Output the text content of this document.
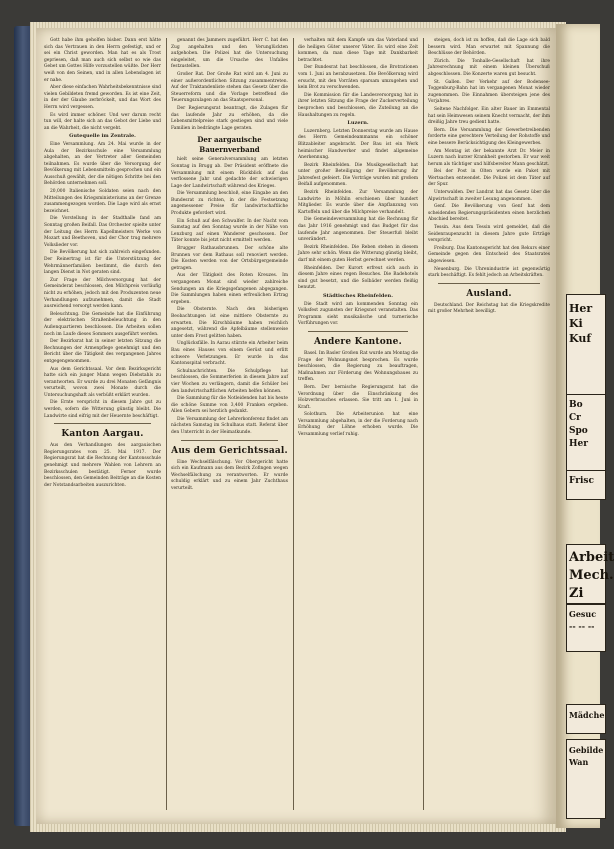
Gott habe ihm geholfen bisher. Dann erst hätte sich das Vertrauen in den Herrn gefestigt, und er sei ein Christ geworden. Man hat es als Trost gepriesen, daß man auch sich selbst so wie das Gebet um Gottes Hilfe vorzustellen wüßte. Der Herr weiß von den Seinen, und in allen Lebenslagen ist er nahe.

Aber diese einfachen Wahrheitsbekenntnisse sind vielen Gebildeten fremd geworden. Es ist eine Zeit, in der der Glaube zerbröckelt, und das Wort des Herrn wird vergessen.

Es wird immer schöner. Und wer darum recht tun will, der halte sich an das Gebot der Liebe und an die Wahrheit, die nicht vergeht.

Gutequelle im Zentrale.

Eine Versammlung. Am 24. Mai wurde in der Aula der Bezirksschule eine Versammlung abgehalten, an der Vertreter aller Gemeinden teilnahmen. Es wurde über die Versorgung der Bevölkerung mit Lebensmitteln gesprochen und ein Ausschuß gewählt, der die nötigen Schritte bei den Behörden unternehmen soll.

20,000 Italienische Soldaten seien nach den Mitteilungen des Kriegsministeriums an der Grenze zusammengezogen worden. Die Lage wird als ernst bezeichnet.

Die Vorstellung in der Stadthalle fand am Sonntag großen Beifall. Das Orchester spielte unter der Leitung des Herrn Kapellmeisters Werke von Mozart und Beethoven, und der Chor trug mehrere Volkslieder vor.

Die Bevölkerung hat sich zahlreich eingefunden. Der Reinertrag ist für die Unterstützung der Wehrmännerfamilien bestimmt, die durch den langen Dienst in Not geraten sind.

Zur Frage der Milchversorgung hat der Gemeinderat beschlossen, den Milchpreis vorläufig nicht zu erhöhen, jedoch mit den Produzenten neue Verhandlungen aufzunehmen, damit die Stadt ausreichend versorgt werden kann.

Beleuchtung. Die Gemeinde hat die Einführung der elektrischen Straßenbeleuchtung in den Außenquartieren beschlossen. Die Arbeiten sollen noch im Laufe dieses Sommers ausgeführt werden.

Der Bezirksrat hat in seiner letzten Sitzung die Rechnungen der Armenpflege genehmigt und den Bericht über die Tätigkeit des vergangenen Jahres entgegengenommen.

Aus dem Gerichtssaal. Vor dem Bezirksgericht hatte sich ein junger Mann wegen Diebstahls zu verantworten. Er wurde zu drei Monaten Gefängnis verurteilt, wovon zwei Monate durch die Untersuchungshaft als verbüßt erklärt wurden.

Die Ernte verspricht in diesem Jahre gut zu werden, sofern die Witterung günstig bleibt. Die Landwirte sind eifrig mit der Heuernte beschäftigt.

Kanton Aargau.

Aus den Verhandlungen des aargauischen Regierungsrates vom 25. Mai 1917. Der Regierungsrat hat die Rechnung der Kantonsschule genehmigt und mehrere Wahlen von Lehrern an Bezirksschulen bestätigt. Ferner wurde beschlossen, den Gemeinden Beiträge an die Kosten der Notstandsarbeiten auszurichten.

genannt des Jammers zugeführt. Herr C. hat den Zug angehalten und den Verunglückten aufgehoben. Die Polizei hat die Untersuchung eingeleitet, um die Ursache des Unfalles festzustellen.

Großer Rat. Der Große Rat wird am 4. Juni zu einer außerordentlichen Sitzung zusammentreten. Auf der Traktandenliste stehen das Gesetz über die Steuerreform und die Vorlage betreffend die Teuerungszulagen an das Staatspersonal.

Der Regierungsrat beantragt, die Zulagen für das laufende Jahr zu erhöhen, da die Lebensmittelpreise stark gestiegen sind und viele Familien in bedrängte Lage geraten.

Der aargauische Bauernverband

hielt seine Generalversammlung am letzten Sonntag in Brugg ab. Der Präsident eröffnete die Versammlung mit einem Rückblick auf das verflossene Jahr und gedachte der schwierigen Lage der Landwirtschaft während des Krieges.

Die Versammlung beschloß, eine Eingabe an den Bundesrat zu richten, in der die Festsetzung angemessener Preise für landwirtschaftliche Produkte gefordert wird.

Ein Schuß auf den Schwalfer. In der Nacht vom Samstag auf den Sonntag wurde in der Nähe von Lenzburg auf einen Wanderer geschossen. Der Täter konnte bis jetzt nicht ermittelt werden.

Brugger Rathausbrunnen. Der schöne alte Brunnen vor dem Rathaus soll renoviert werden. Die Kosten werden von der Ortsbürgergemeinde getragen.

Aus der Tätigkeit des Roten Kreuzes. Im vergangenen Monat sind wieder zahlreiche Sendungen an die Kriegsgefangenen abgegangen. Die Sammlungen haben einen erfreulichen Ertrag ergeben.

Die Obsternte. Nach den bisherigen Beobachtungen ist eine mittlere Obsternte zu erwarten. Die Kirschbäume haben reichlich angesetzt, während die Apfelbäume stellenweise unter dem Frost gelitten haben.

Unglücksfälle. In Aarau stürzte ein Arbeiter beim Bau eines Hauses von einem Gerüst und erlitt schwere Verletzungen. Er wurde in das Kantonsspital verbracht.

Schulnachrichten. Die Schulpflege hat beschlossen, die Sommerferien in diesem Jahre auf vier Wochen zu verlängern, damit die Schüler bei den landwirtschaftlichen Arbeiten helfen können.

Die Sammlung für die Notleidenden hat bis heute die schöne Summe von 3,400 Franken ergeben. Allen Gebern sei herzlich gedankt.

Die Versammlung der Lehrerkonferenz findet am nächsten Samstag im Schulhaus statt. Referat über den Unterricht in der Heimatkunde.

Aus dem Gerichtssaal.

Eine Wechselfälschung. Vor Obergericht hatte sich ein Kaufmann aus dem Bezirk Zofingen wegen Wechselfälschung zu verantworten. Er wurde schuldig erklärt und zu einem Jahr Zuchthaus verurteilt.

verhalten mit dem Kampfe um das Vaterland und die heiligen Güter unserer Väter. Es wird eine Zeit kommen, da man diese Tage mit Dankbarkeit betrachtet.

Der Bundesrat hat beschlossen, die Brotrationen vom 1. Juni an herabzusetzen. Die Bevölkerung wird ersucht, mit den Vorräten sparsam umzugehen und kein Brot zu verschwenden.

Die Kommission für die Landesversorgung hat in ihrer letzten Sitzung die Frage der Zuckerverteilung besprochen und beschlossen, die Zuteilung an die Haushaltungen zu regeln.

Luzern.

Luzernberg. Letzten Donnerstag wurde am Hause des Herrn Gemeindeammanns ein schöner Blitzableiter angebracht. Der Bau ist ein Werk heimischer Handwerker und findet allgemeine Anerkennung.

Bezirk Rheinfelden. Die Musikgesellschaft hat unter großer Beteiligung der Bevölkerung ihr Jahresfest gefeiert. Die Vorträge wurden mit großem Beifall aufgenommen.

Bezirk Rheinfelden. Zur Versammlung der Landwirte in Möhlin erschienen über hundert Mitglieder. Es wurde über die Anpflanzung von Kartoffeln und über die Milchpreise verhandelt.

Die Gemeindeversammlung hat die Rechnung für das Jahr 1916 genehmigt und das Budget für das laufende Jahr angenommen. Der Steuerfuß bleibt unverändert.

Bezirk Rheinfelden. Die Reben stehen in diesem Jahre sehr schön. Wenn die Witterung günstig bleibt, darf mit einem guten Herbst gerechnet werden.

Rheinfelden. Der Kurort erfreut sich auch in diesem Jahre eines regen Besuches. Die Badehotels sind gut besetzt, und die Solbäder werden fleißig benutzt.

Städtisches Rheinfelden.

Die Stadt wird am kommenden Sonntag ein Volksfest zugunsten der Kriegsnot veranstalten. Das Programm sieht musikalische und turnerische Vorführungen vor.

Andere Kantone.

Basel. Im Basler Großen Rat wurde am Montag die Frage der Wohnungsnot besprochen. Es wurde beschlossen, die Regierung zu beauftragen, Maßnahmen zur Förderung des Wohnungsbaues zu treffen.

Bern. Der bernische Regierungsrat hat die Verordnung über die Einschränkung des Holzverbrauches erlassen. Sie tritt am 1. Juni in Kraft.

Solothurn. Die Arbeiterunion hat eine Versammlung abgehalten, in der die Forderung nach Erhöhung der Löhne erhoben wurde. Die Versammlung verlief ruhig.

steigen, doch ist zu hoffen, daß die Lage sich bald bessern wird. Man erwartet mit Spannung die Beschlüsse der Behörden.

Zürich. Die Tonhalle-Gesellschaft hat ihre Jahresrechnung mit einem kleinen Überschuß abgeschlossen. Die Konzerte waren gut besucht.

St. Gallen. Der Verkehr auf der Bodensee-Toggenburg-Bahn hat im vergangenen Monat wieder zugenommen. Die Einnahmen übersteigen jene des Vorjahres.

Seltene Nachfolger. Ein alter Bauer im Emmental hat sein Heimwesen seinem Knecht vermacht, der ihm dreißig Jahre treu gedient hatte.

Bern. Die Versammlung der Gewerbetreibenden forderte eine gerechtere Verteilung der Rohstoffe und eine bessere Berücksichtigung des Kleingewerbes.

Am Montag ist der bekannte Arzt Dr. Meier in Luzern nach kurzer Krankheit gestorben. Er war weit herum als tüchtiger und hilfsbereiter Mann geschätzt.

Bei der Post in Olten wurde ein Paket mit Wertsachen entwendet. Die Polizei ist dem Täter auf der Spur.

Unterwalden. Der Landrat hat das Gesetz über die Alpwirtschaft in zweiter Lesung angenommen.

Genf. Die Bevölkerung von Genf hat dem scheidenden Regierungspräsidenten einen herzlichen Abschied bereitet.

Tessin. Aus dem Tessin wird gemeldet, daß die Seidenraupenzucht in diesem Jahre gute Erträge verspricht.

Freiburg. Das Kantonsgericht hat den Rekurs einer Gemeinde gegen den Entscheid des Staatsrates abgewiesen.

Neuenburg. Die Uhrenindustrie ist gegenwärtig stark beschäftigt. Es fehlt jedoch an Arbeitskräften.

Ausland.

Deutschland. Der Reichstag hat die Kriegskredite mit großer Mehrheit bewilligt.	Her
Ki
Kuf
Bo
Cr
Spo
Her
Frisc
Arbeit
Mech. Zi
Gesuc
-- -- --
Mädche
Gebilde
Wan
